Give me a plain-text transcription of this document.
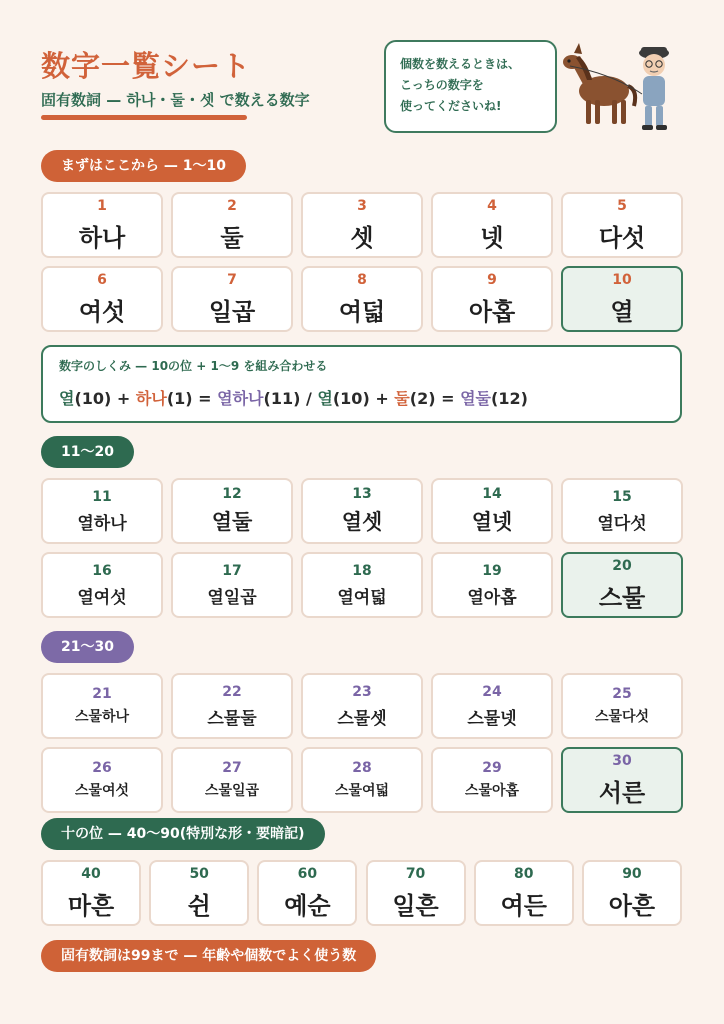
数字一覧シート
固有数詞 — 하나・둘・셋 で数える数字
個数を数えるときは、
こっちの数字を
使ってくださいね!
まずはここから — 1〜10
1
하나
2
둘
3
셋
4
넷
5
다섯
6
여섯
7
일곱
8
여덟
9
아홉
10
열
数字のしくみ — 10の位 + 1〜9 を組み合わせる
열(10) + 하나(1) = 열하나(11) / 열(10) + 둘(2) = 열둘(12)
11〜20
11
열하나
12
열둘
13
열셋
14
열넷
15
열다섯
16
열여섯
17
열일곱
18
열여덟
19
열아홉
20
스물
21〜30
21
스물하나
22
스물둘
23
스물셋
24
스물넷
25
스물다섯
26
스물여섯
27
스물일곱
28
스물여덟
29
스물아홉
30
서른
十の位 — 40〜90(特別な形・要暗記)
40
마흔
50
쉰
60
예순
70
일흔
80
여든
90
아흔
固有数詞は99まで — 年齢や個数でよく使う数
